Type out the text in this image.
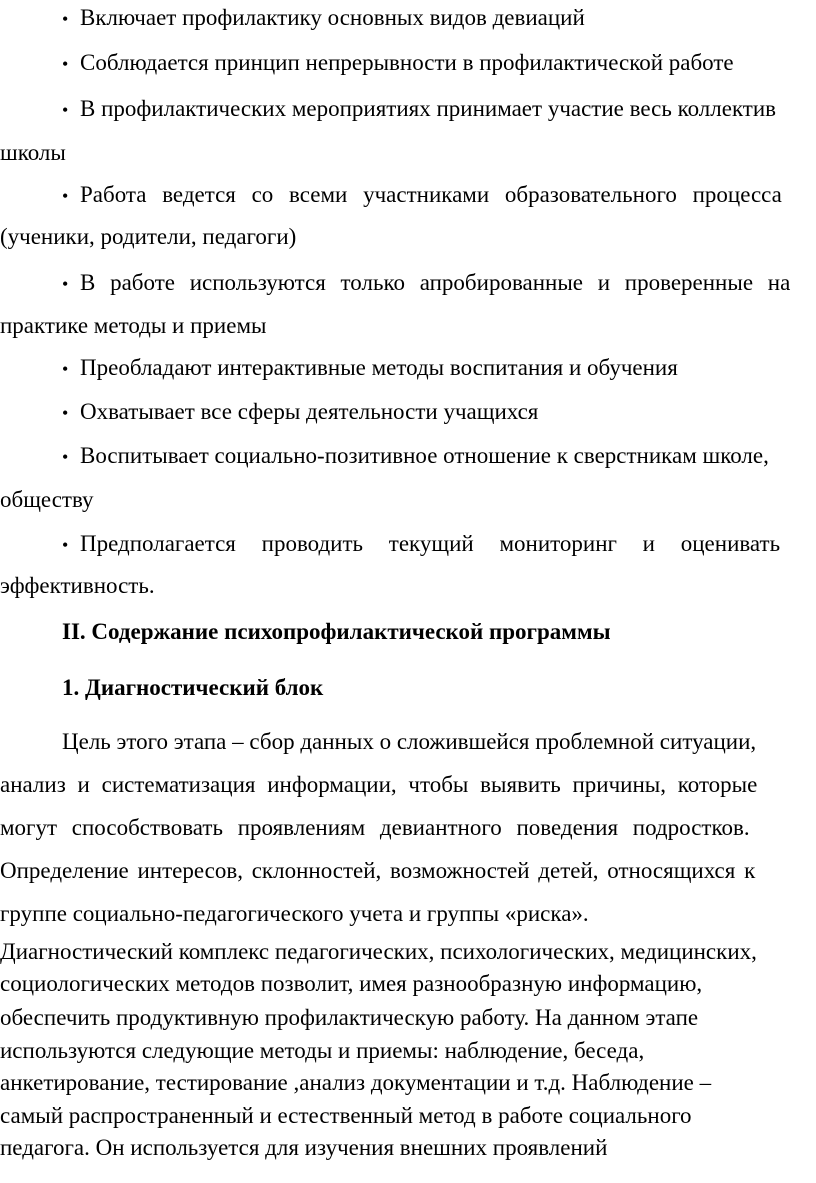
• Включает профилактику основных видов девиаций
• Соблюдается принцип непрерывности в профилактической работе
• В профилактических мероприятиях принимает участие весь коллектив
школы
• Работа ведется со всеми участниками образовательного процесса
(ученики, родители, педагоги)
• В работе используются только апробированные и проверенные на
практике методы и приемы
• Преобладают интерактивные методы воспитания и обучения
• Охватывает все сферы деятельности учащихся
• Воспитывает социально-позитивное отношение к сверстникам школе,
обществу
• Предполагается проводить текущий мониторинг и оценивать
эффективность.
II. Содержание психопрофилактической программы
1. Диагностический блок
Цель этого этапа – сбор данных о сложившейся проблемной ситуации,
анализ и систематизация информации, чтобы выявить причины, которые
могут способствовать проявлениям девиантного поведения подростков.
Определение интересов, склонностей, возможностей детей, относящихся к
группе социально-педагогического учета и группы «риска».
Диагностический комплекс педагогических, психологических, медицинских,
социологических методов позволит, имея разнообразную информацию,
обеспечить продуктивную профилактическую работу. На данном этапе
используются следующие методы и приемы: наблюдение, беседа,
анкетирование, тестирование ,анализ документации и т.д. Наблюдение –
самый распространенный и естественный метод в работе социального
педагога. Он используется для изучения внешних проявлений
